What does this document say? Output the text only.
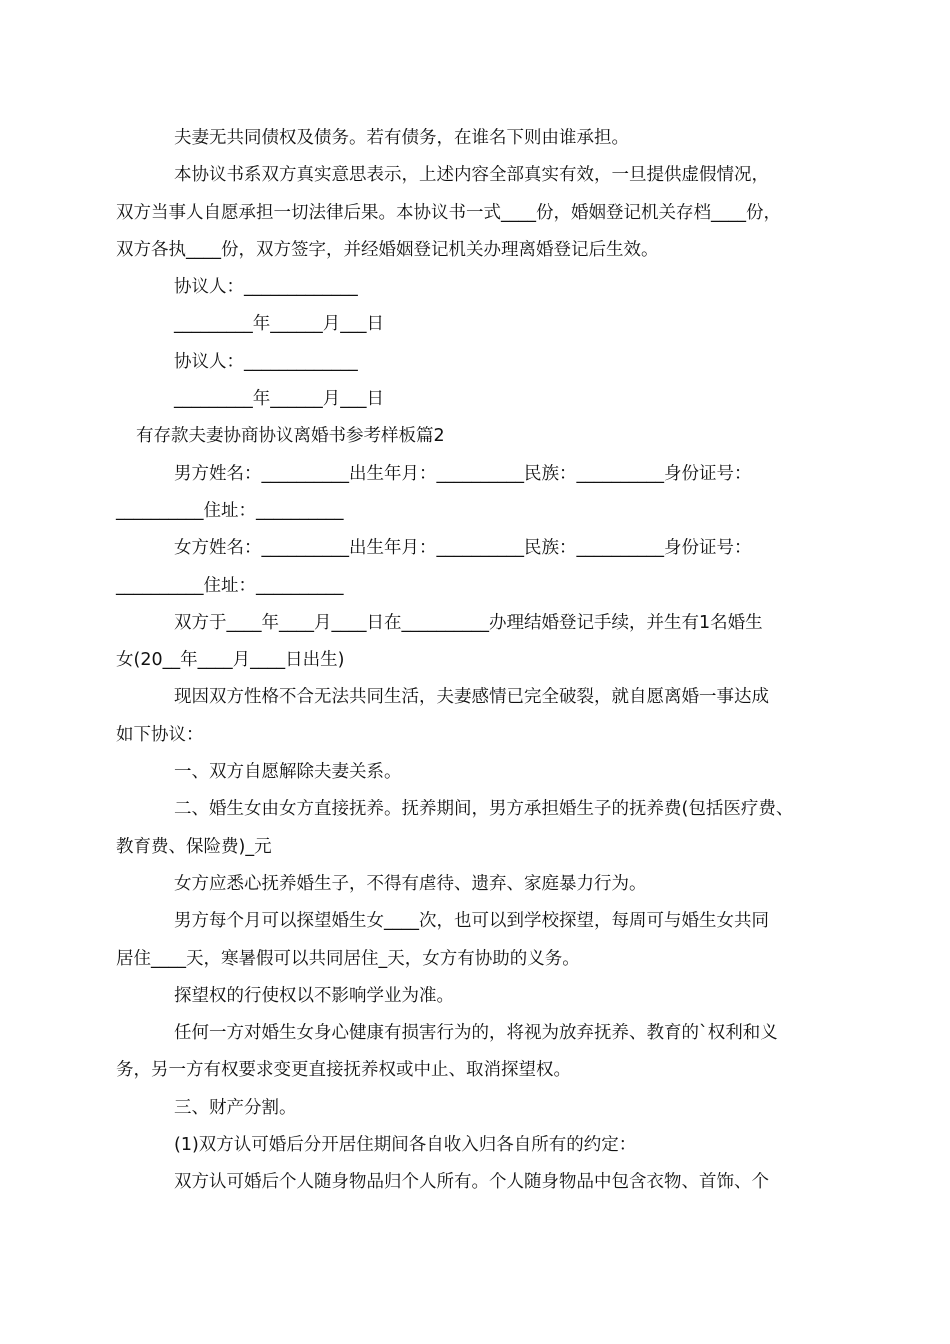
夫妻无共同债权及债务。若有债务，在谁名下则由谁承担。

本协议书系双方真实意思表示，上述内容全部真实有效，一旦提供虚假情况，

双方当事人自愿承担一切法律后果。本协议书一式____份，婚姻登记机关存档____份，

双方各执____份，双方签字，并经婚姻登记机关办理离婚登记后生效。

协议人：_____________

_________年______月___日

协议人：_____________

_________年______月___日

有存款夫妻协商协议离婚书参考样板篇2

男方姓名：__________出生年月：__________民族：__________身份证号：

__________住址：__________

女方姓名：__________出生年月：__________民族：__________身份证号：

__________住址：__________

双方于____年____月____日在__________办理结婚登记手续，并生有1名婚生

女(20__年____月____日出生)

现因双方性格不合无法共同生活，夫妻感情已完全破裂，就自愿离婚一事达成

如下协议：

一、双方自愿解除夫妻关系。

二、婚生女由女方直接抚养。抚养期间，男方承担婚生子的抚养费(包括医疗费、

教育费、保险费)_元

女方应悉心抚养婚生子，不得有虐待、遗弃、家庭暴力行为。

男方每个月可以探望婚生女____次，也可以到学校探望，每周可与婚生女共同

居住____天，寒暑假可以共同居住_天，女方有协助的义务。

探望权的行使权以不影响学业为准。

任何一方对婚生女身心健康有损害行为的，将视为放弃抚养、教育的`权利和义

务，另一方有权要求变更直接抚养权或中止、取消探望权。

三、财产分割。

(1)双方认可婚后分开居住期间各自收入归各自所有的约定：

双方认可婚后个人随身物品归个人所有。个人随身物品中包含衣物、首饰、个
